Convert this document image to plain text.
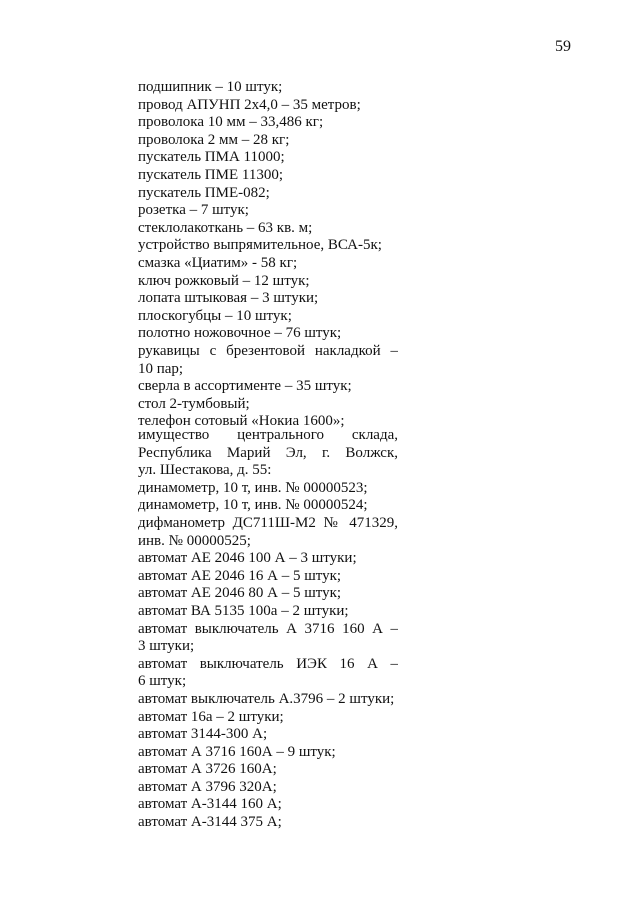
59
подшипник – 10 штук;
провод АПУНП 2х4,0 – 35 метров;
проволока 10 мм – 33,486 кг;
проволока 2 мм – 28 кг;
пускатель ПМА 11000;
пускатель ПМЕ 11300;
пускатель ПМЕ-082;
розетка – 7 штук;
стеклолакоткань – 63 кв. м;
устройство выпрямительное, ВСА-5к;
смазка «Циатим» - 58 кг;
ключ рожковый – 12 штук;
лопата штыковая – 3 штуки;
плоскогубцы – 10 штук;
полотно ножовочное – 76 штук;
рукавицы с брезентовой накладкой –
10 пар;
сверла в ассортименте – 35 штук;
стол 2-тумбовый;
телефон сотовый «Нокиа 1600»;
имущество центрального склада,
Республика Марий Эл, г. Волжск,
ул. Шестакова, д. 55:
динамометр, 10 т, инв. № 00000523;
динамометр, 10 т, инв. № 00000524;
дифманометр ДС711Ш-М2 № 471329,
инв. № 00000525;
автомат АЕ 2046 100 А – 3 штуки;
автомат АЕ 2046 16 А – 5 штук;
автомат АЕ 2046 80 А – 5 штук;
автомат ВА 5135 100а – 2 штуки;
автомат выключатель А 3716 160 А –
3 штуки;
автомат выключатель ИЭК 16 А –
6 штук;
автомат выключатель А.3796 – 2 штуки;
автомат 16а – 2 штуки;
автомат 3144-300 А;
автомат А 3716 160А – 9 штук;
автомат А 3726 160А;
автомат А 3796 320А;
автомат А-3144 160 А;
автомат А-3144 375 А;
